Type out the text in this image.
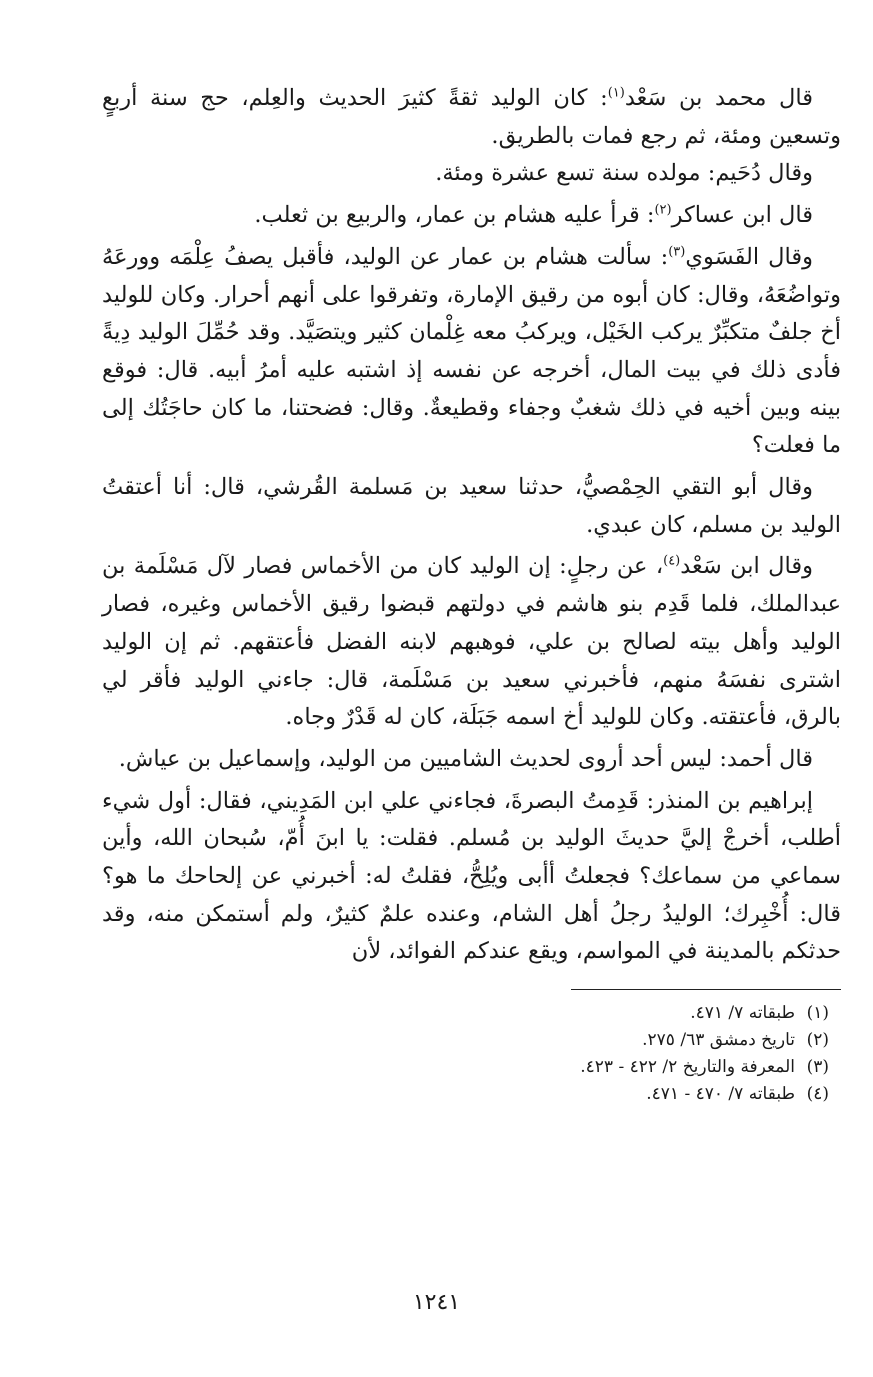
قال محمد بن سَعْد$^{(١)}$: كان الوليد ثقةً كثيرَ الحديث والعِلم، حج سنة أربعٍ وتسعين ومئة، ثم رجع فمات بالطريق.

وقال دُحَيم: مولده سنة تسع عشرة ومئة.

قال ابن عساكر$^{(٢)}$: قرأ عليه هشام بن عمار، والربيع بن ثعلب.

وقال الفَسَوي$^{(٣)}$: سألت هشام بن عمار عن الوليد، فأقبل يصفُ عِلْمَه وورعَهُ وتواضُعَهُ، وقال: كان أبوه من رقيق الإمارة، وتفرقوا على أنهم أحرار. وكان للوليد أخ جلفٌ متكبِّرٌ يركب الخَيْل، ويركبُ معه غِلْمان كثير ويتصَيَّد. وقد حُمِّلَ الوليد دِيةً فأدى ذلك في بيت المال، أخرجه عن نفسه إذ اشتبه عليه أمرُ أبيه. قال: فوقع بينه وبين أخيه في ذلك شغبٌ وجفاء وقطيعةٌ. وقال: فضحتنا، ما كان حاجَتُك إلى ما فعلت؟

وقال أبو التقي الحِمْصيُّ، حدثنا سعيد بن مَسلمة القُرشي، قال: أنا أعتقتُ الوليد بن مسلم، كان عبدي.

وقال ابن سَعْد$^{(٤)}$، عن رجلٍ: إن الوليد كان من الأخماس فصار لآل مَسْلَمة بن عبدالملك، فلما قَدِم بنو هاشم في دولتهم قبضوا رقيق الأخماس وغيره، فصار الوليد وأهل بيته لصالح بن علي، فوهبهم لابنه الفضل فأعتقهم. ثم إن الوليد اشترى نفسَهُ منهم، فأخبرني سعيد بن مَسْلَمة، قال: جاءني الوليد فأقر لي بالرق، فأعتقته. وكان للوليد أخ اسمه جَبَلَة، كان له قَدْرٌ وجاه.

قال أحمد: ليس أحد أروى لحديث الشاميين من الوليد، وإسماعيل بن عياش.

إبراهيم بن المنذر: قَدِمتُ البصرةَ، فجاءني علي ابن المَدِيني، فقال: أول شيء أطلب، أخرجْ إليَّ حديثَ الوليد بن مُسلم. فقلت: يا ابنَ أُمّ، سُبحان الله، وأين سماعي من سماعك؟ فجعلتُ أأبى ويُلِحُّ، فقلتُ له: أخبرني عن إلحاحك ما هو؟ قال: أُخْبِرك؛ الوليدُ رجلُ أهل الشام، وعنده علمٌ كثيرٌ، ولم أستمكن منه، وقد حدثكم بالمدينة في المواسم، ويقع عندكم الفوائد، لأن

(١)طبقاته ٧/ ٤٧١.
(٢)تاريخ دمشق ٦٣/ ٢٧٥.
(٣)المعرفة والتاريخ ٢/ ٤٢٢ - ٤٢٣.
(٤)طبقاته ٧/ ٤٧٠ - ٤٧١.
١٢٤١
